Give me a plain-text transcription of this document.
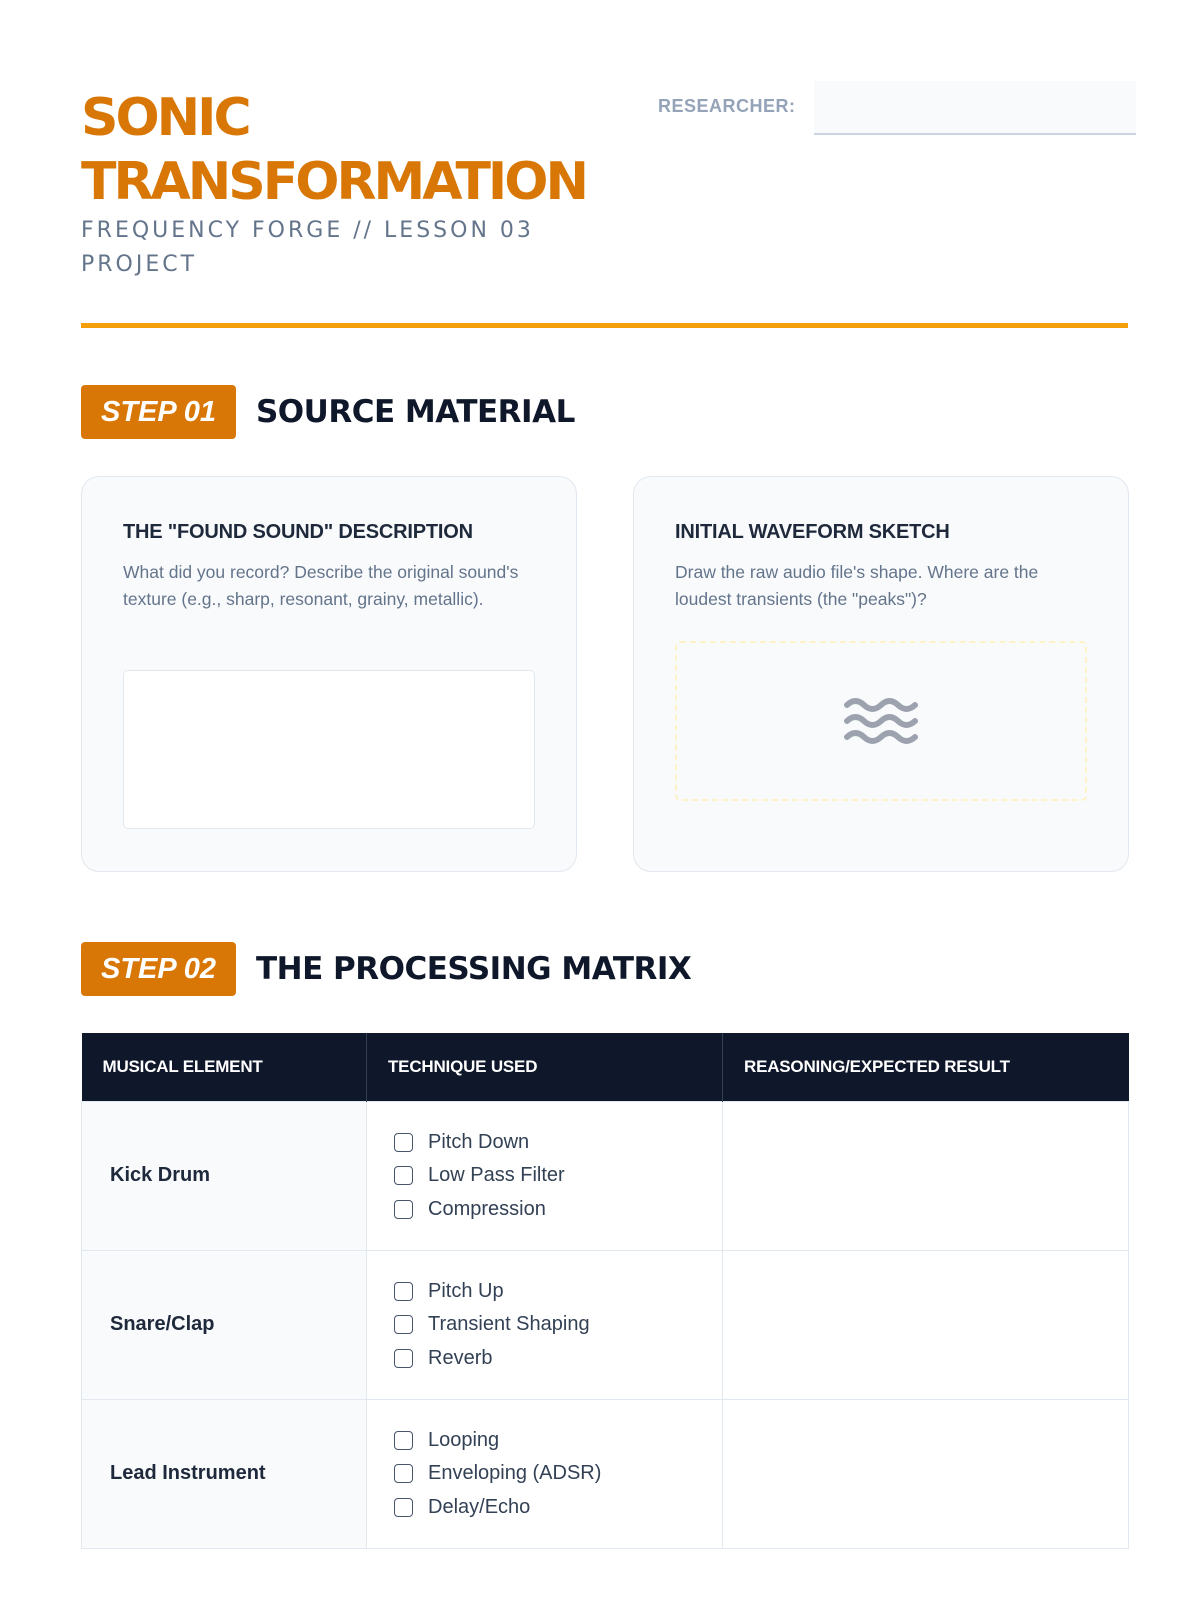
SONIC
TRANSFORMATION
FREQUENCY FORGE // LESSON 03 PROJECT
RESEARCHER:
STEP 01	SOURCE MATERIAL
THE "FOUND SOUND" DESCRIPTION
What did you record? Describe the original sound's texture (e.g., sharp, resonant, grainy, metallic).
INITIAL WAVEFORM SKETCH
Draw the raw audio file's shape. Where are the loudest transients (the "peaks")?
STEP 02	THE PROCESSING MATRIX
MUSICAL ELEMENT	TECHNIQUE USED	REASONING/EXPECTED RESULT
Kick Drum	Pitch Down
Low Pass Filter
Compression	

Snare/Clap	Pitch Up
Transient Shaping
Reverb	

Lead Instrument	Looping
Enveloping (ADSR)
Delay/Echo	
